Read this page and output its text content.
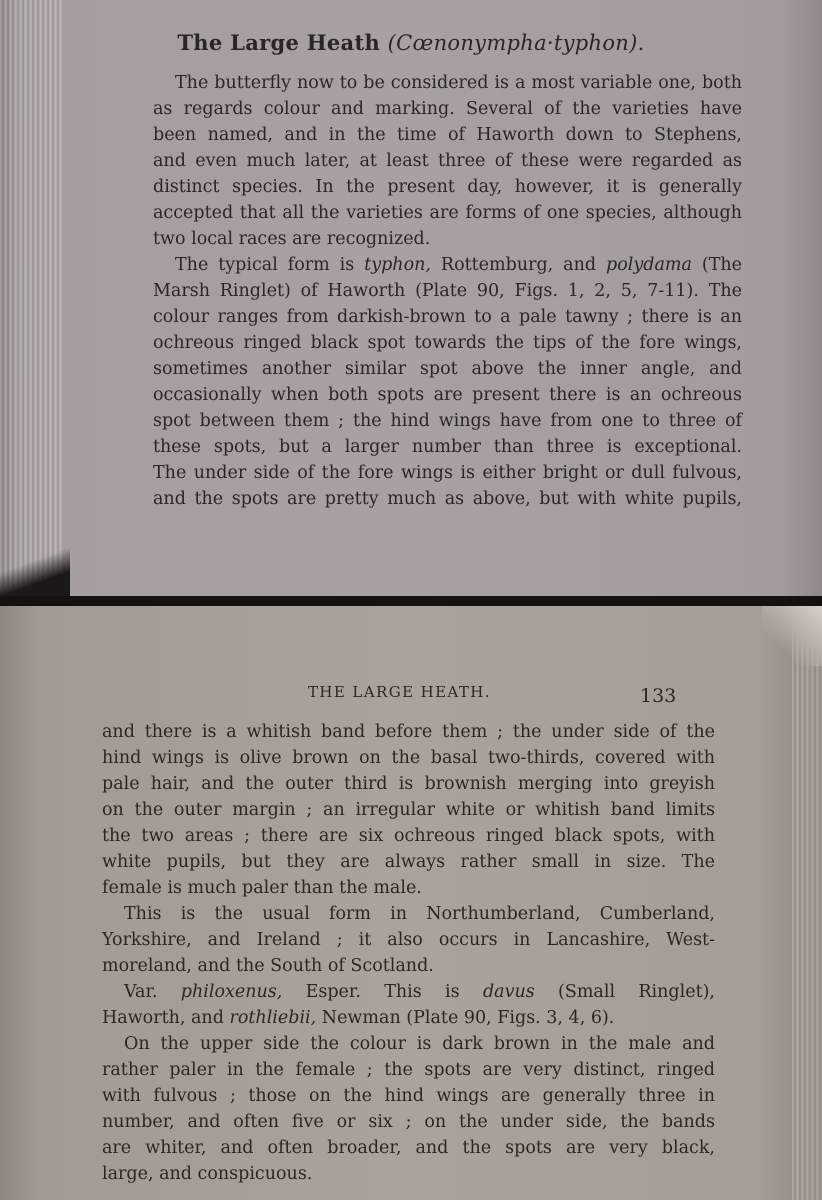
The Large Heath (Cœnonympha·typhon).
The butterfly now to be considered is a most variable one, both
as regards colour and marking. Several of the varieties have
been named, and in the time of Haworth down to Stephens,
and even much later, at least three of these were regarded as
distinct species. In the present day, however, it is generally
accepted that all the varieties are forms of one species, although
two local races are recognized.
The typical form is typhon, Rottemburg, and polydama (The
Marsh Ringlet) of Haworth (Plate 90, Figs. 1, 2, 5, 7-11). The
colour ranges from darkish-brown to a pale tawny ; there is an
ochreous ringed black spot towards the tips of the fore wings,
sometimes another similar spot above the inner angle, and
occasionally when both spots are present there is an ochreous
spot between them ; the hind wings have from one to three of
these spots, but a larger number than three is exceptional.
The under side of the fore wings is either bright or dull fulvous,
and the spots are pretty much as above, but with white pupils,
THE LARGE HEATH.	133
and there is a whitish band before them ; the under side of the
hind wings is olive brown on the basal two-thirds, covered with
pale hair, and the outer third is brownish merging into greyish
on the outer margin ; an irregular white or whitish band limits
the two areas ; there are six ochreous ringed black spots, with
white pupils, but they are always rather small in size. The
female is much paler than the male.
This is the usual form in Northumberland, Cumberland,
Yorkshire, and Ireland ; it also occurs in Lancashire, West-
moreland, and the South of Scotland.
Var. philoxenus, Esper. This is davus (Small Ringlet),
Haworth, and rothliebii, Newman (Plate 90, Figs. 3, 4, 6).
On the upper side the colour is dark brown in the male and
rather paler in the female ; the spots are very distinct, ringed
with fulvous ; those on the hind wings are generally three in
number, and often five or six ; on the under side, the bands
are whiter, and often broader, and the spots are very black,
large, and conspicuous.
